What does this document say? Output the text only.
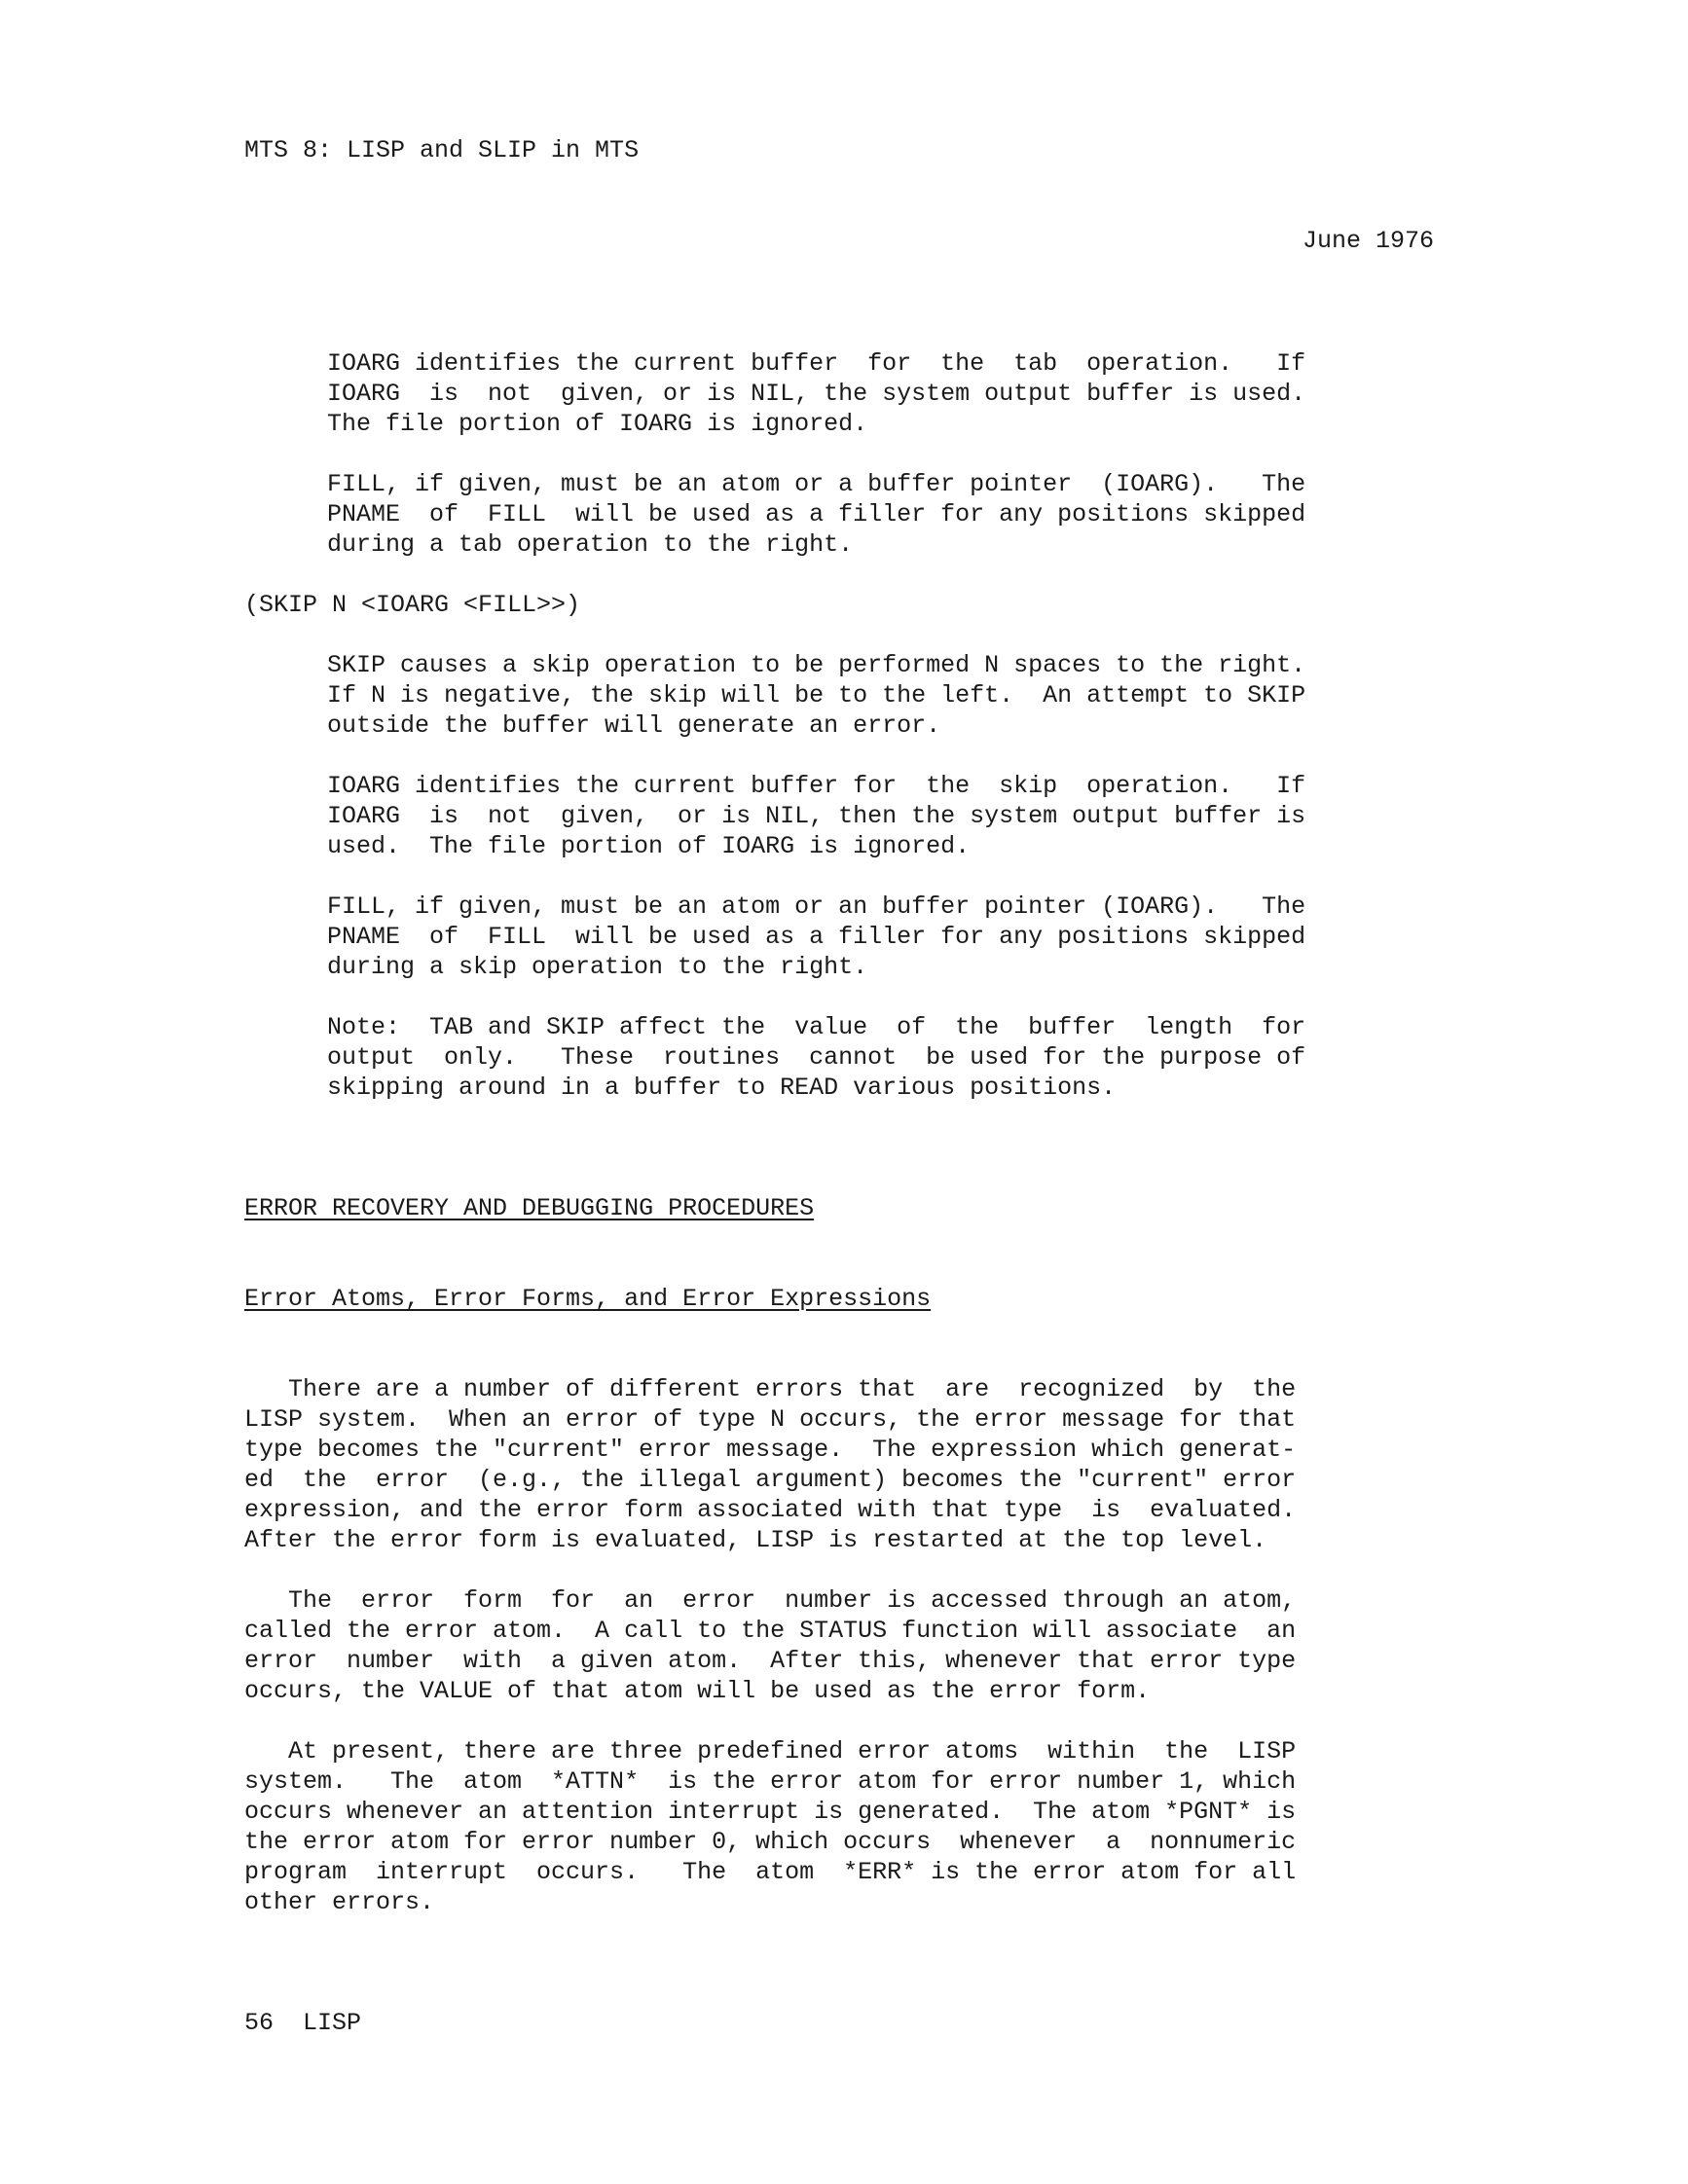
MTS 8: LISP and SLIP in MTS
June 1976
IOARG identifies the current buffer  for  the  tab  operation.   If
IOARG  is  not  given, or is NIL, the system output buffer is used.
The file portion of IOARG is ignored.
FILL, if given, must be an atom or a buffer pointer  (IOARG).   The
PNAME  of  FILL  will be used as a filler for any positions skipped
during a tab operation to the right.
(SKIP N <IOARG <FILL>>)
SKIP causes a skip operation to be performed N spaces to the right.
If N is negative, the skip will be to the left.  An attempt to SKIP
outside the buffer will generate an error.
IOARG identifies the current buffer for  the  skip  operation.   If
IOARG  is  not  given,  or is NIL, then the system output buffer is
used.  The file portion of IOARG is ignored.
FILL, if given, must be an atom or an buffer pointer (IOARG).   The
PNAME  of  FILL  will be used as a filler for any positions skipped
during a skip operation to the right.
Note:  TAB and SKIP affect the  value  of  the  buffer  length  for
output  only.   These  routines  cannot  be used for the purpose of
skipping around in a buffer to READ various positions.
ERROR RECOVERY AND DEBUGGING PROCEDURES
Error Atoms, Error Forms, and Error Expressions
There are a number of different errors that  are  recognized  by  the
LISP system.  When an error of type N occurs, the error message for that
type becomes the "current" error message.  The expression which generat-
ed  the  error  (e.g., the illegal argument) becomes the "current" error
expression, and the error form associated with that type  is  evaluated.
After the error form is evaluated, LISP is restarted at the top level.
The  error  form  for  an  error  number is accessed through an atom,
called the error atom.  A call to the STATUS function will associate  an
error  number  with  a given atom.  After this, whenever that error type
occurs, the VALUE of that atom will be used as the error form.
At present, there are three predefined error atoms  within  the  LISP
system.   The  atom  *ATTN*  is the error atom for error number 1, which
occurs whenever an attention interrupt is generated.  The atom *PGNT* is
the error atom for error number 0, which occurs  whenever  a  nonnumeric
program  interrupt  occurs.   The  atom  *ERR* is the error atom for all
other errors.
56  LISP
